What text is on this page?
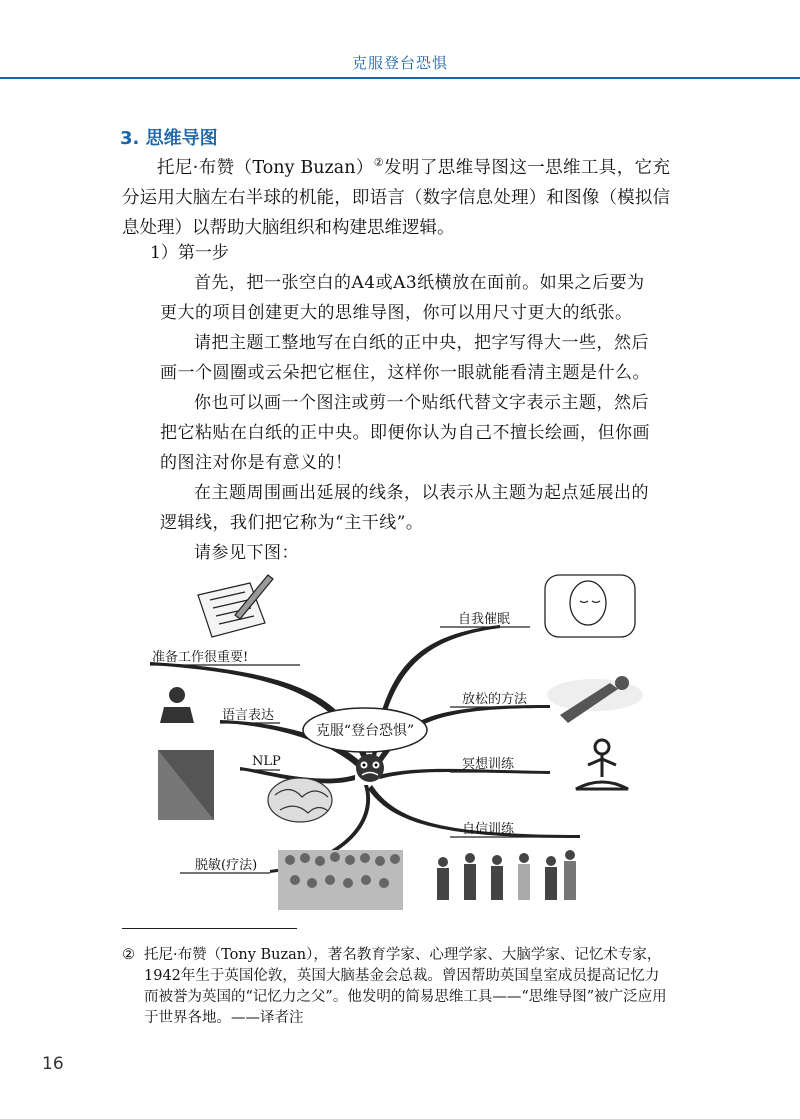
克服登台恐惧
3. 思维导图
托尼·布赞（Tony Buzan）②发明了思维导图这一思维工具，它充分运用大脑左右半球的机能，即语言（数字信息处理）和图像（模拟信息处理）以帮助大脑组织和构建思维逻辑。
1）第一步
首先，把一张空白的A4或A3纸横放在面前。如果之后要为更大的项目创建更大的思维导图，你可以用尺寸更大的纸张。
请把主题工整地写在白纸的正中央，把字写得大一些，然后画一个圆圈或云朵把它框住，这样你一眼就能看清主题是什么。
你也可以画一个图注或剪一个贴纸代替文字表示主题，然后把它粘贴在白纸的正中央。即便你认为自己不擅长绘画，但你画的图注对你是有意义的！
在主题周围画出延展的线条，以表示从主题为起点延展出的逻辑线，我们把它称为“主干线”。
请参见下图：
克服“登台恐惧”
准备工作很重要!
语言表达
NLP
脱敏(疗法)
自我催眠
放松的方法
冥想训练
自信训练
② 托尼·布赞（Tony Buzan），著名教育学家、心理学家、大脑学家、记忆术专家，
1942年生于英国伦敦，英国大脑基金会总裁。曾因帮助英国皇室成员提高记忆力而被誉为英国的“记忆力之父”。他发明的简易思维工具——“思维导图”被广泛应用于世界各地。——译者注
16
